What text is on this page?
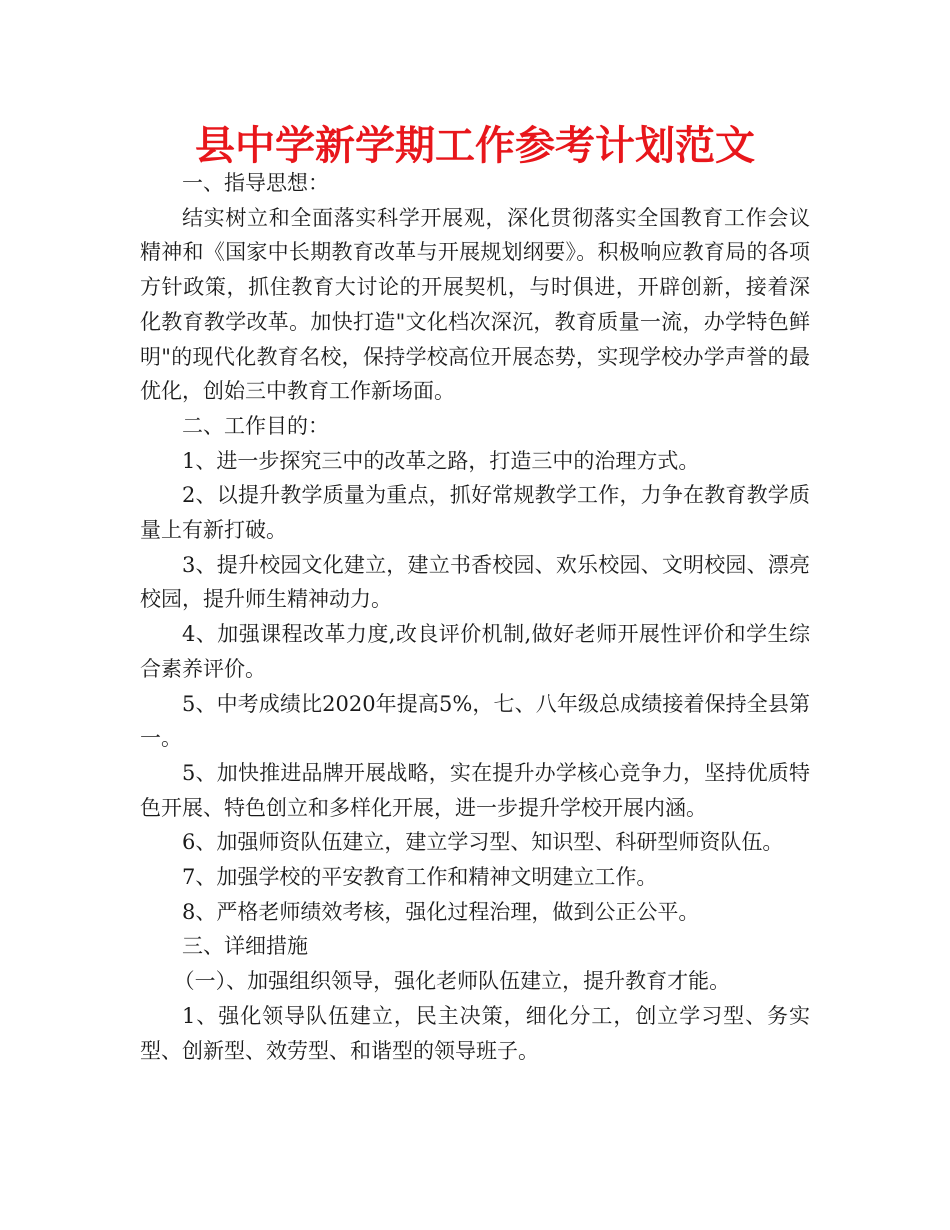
县中学新学期工作参考计划范文

一、指导思想：

结实树立和全面落实科学开展观，深化贯彻落实全国教育工作会议精神和《国家中长期教育改革与开展规划纲要》。积极响应教育局的各项方针政策，抓住教育大讨论的开展契机，与时俱进，开辟创新，接着深化教育教学改革。加快打造"文化档次深沉，教育质量一流，办学特色鲜明"的现代化教育名校，保持学校高位开展态势，实现学校办学声誉的最优化，创始三中教育工作新场面。

二、工作目的：

1、进一步探究三中的改革之路，打造三中的治理方式。

2、以提升教学质量为重点，抓好常规教学工作，力争在教育教学质量上有新打破。

3、提升校园文化建立，建立书香校园、欢乐校园、文明校园、漂亮校园，提升师生精神动力。

4、加强课程改革力度,改良评价机制,做好老师开展性评价和学生综合素养评价。

5、中考成绩比2020年提高5%，七、八年级总成绩接着保持全县第一。

5、加快推进品牌开展战略，实在提升办学核心竞争力，坚持优质特色开展、特色创立和多样化开展，进一步提升学校开展内涵。

6、加强师资队伍建立，建立学习型、知识型、科研型师资队伍。

7、加强学校的平安教育工作和精神文明建立工作。

8、严格老师绩效考核，强化过程治理，做到公正公平。

三、详细措施

（一）、加强组织领导，强化老师队伍建立，提升教育才能。

1、强化领导队伍建立，民主决策，细化分工，创立学习型、务实型、创新型、效劳型、和谐型的领导班子。
